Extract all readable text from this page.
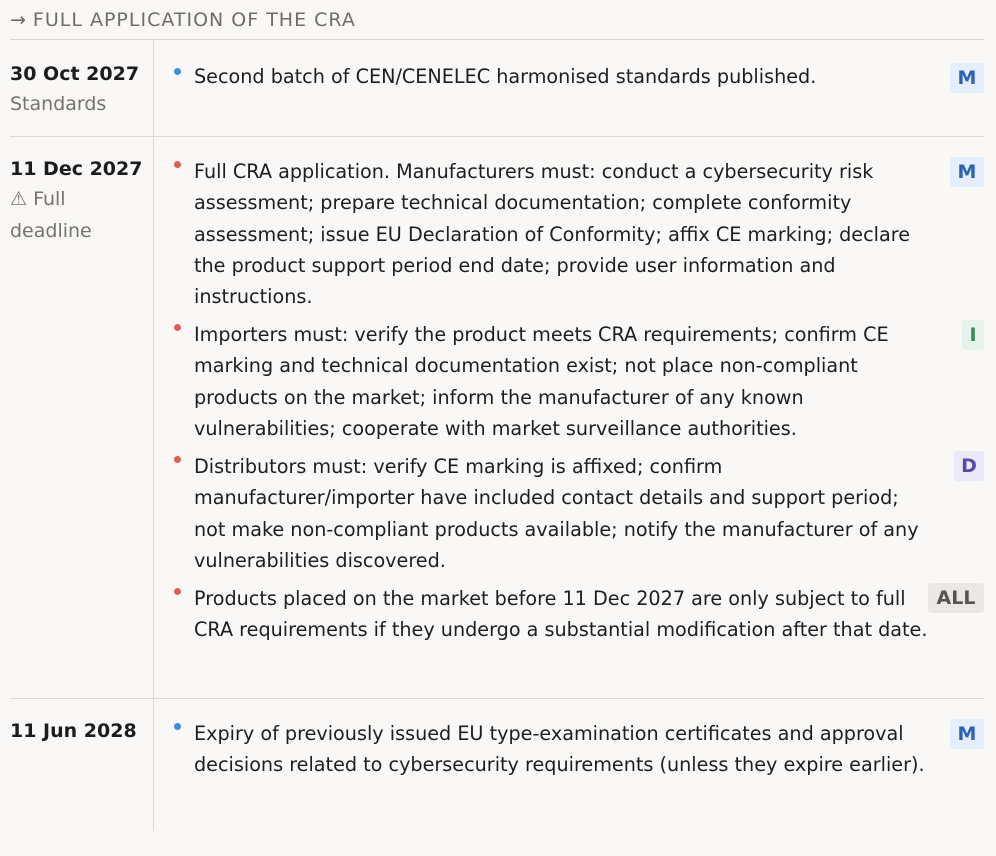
→ FULL APPLICATION OF THE CRA
30 Oct 2027
Standards
Second batch of CEN/CENELEC harmonised standards published.	M
11 Dec 2027
⚠ Full deadline
Full CRA application. Manufacturers must: conduct a cybersecurity risk assessment; prepare technical documentation; complete conformity assessment; issue EU Declaration of Conformity; affix CE marking; declare the product support period end date; provide user information and instructions.
M
Importers must: verify the product meets CRA requirements; confirm CE marking and technical documentation exist; not place non-compliant products on the market; inform the manufacturer of any known vulnerabilities; cooperate with market surveillance authorities.
I
Distributors must: verify CE marking is affixed; confirm manufacturer/importer have included contact details and support period; not make non-compliant products available; notify the manufacturer of any vulnerabilities discovered.
D
Products placed on the market before 11 Dec 2027 are only subject to full CRA requirements if they undergo a substantial modification after that date.
ALL
11 Jun 2028	Expiry of previously issued EU type-examination certificates and approval decisions related to cybersecurity requirements (unless they expire earlier).
M
